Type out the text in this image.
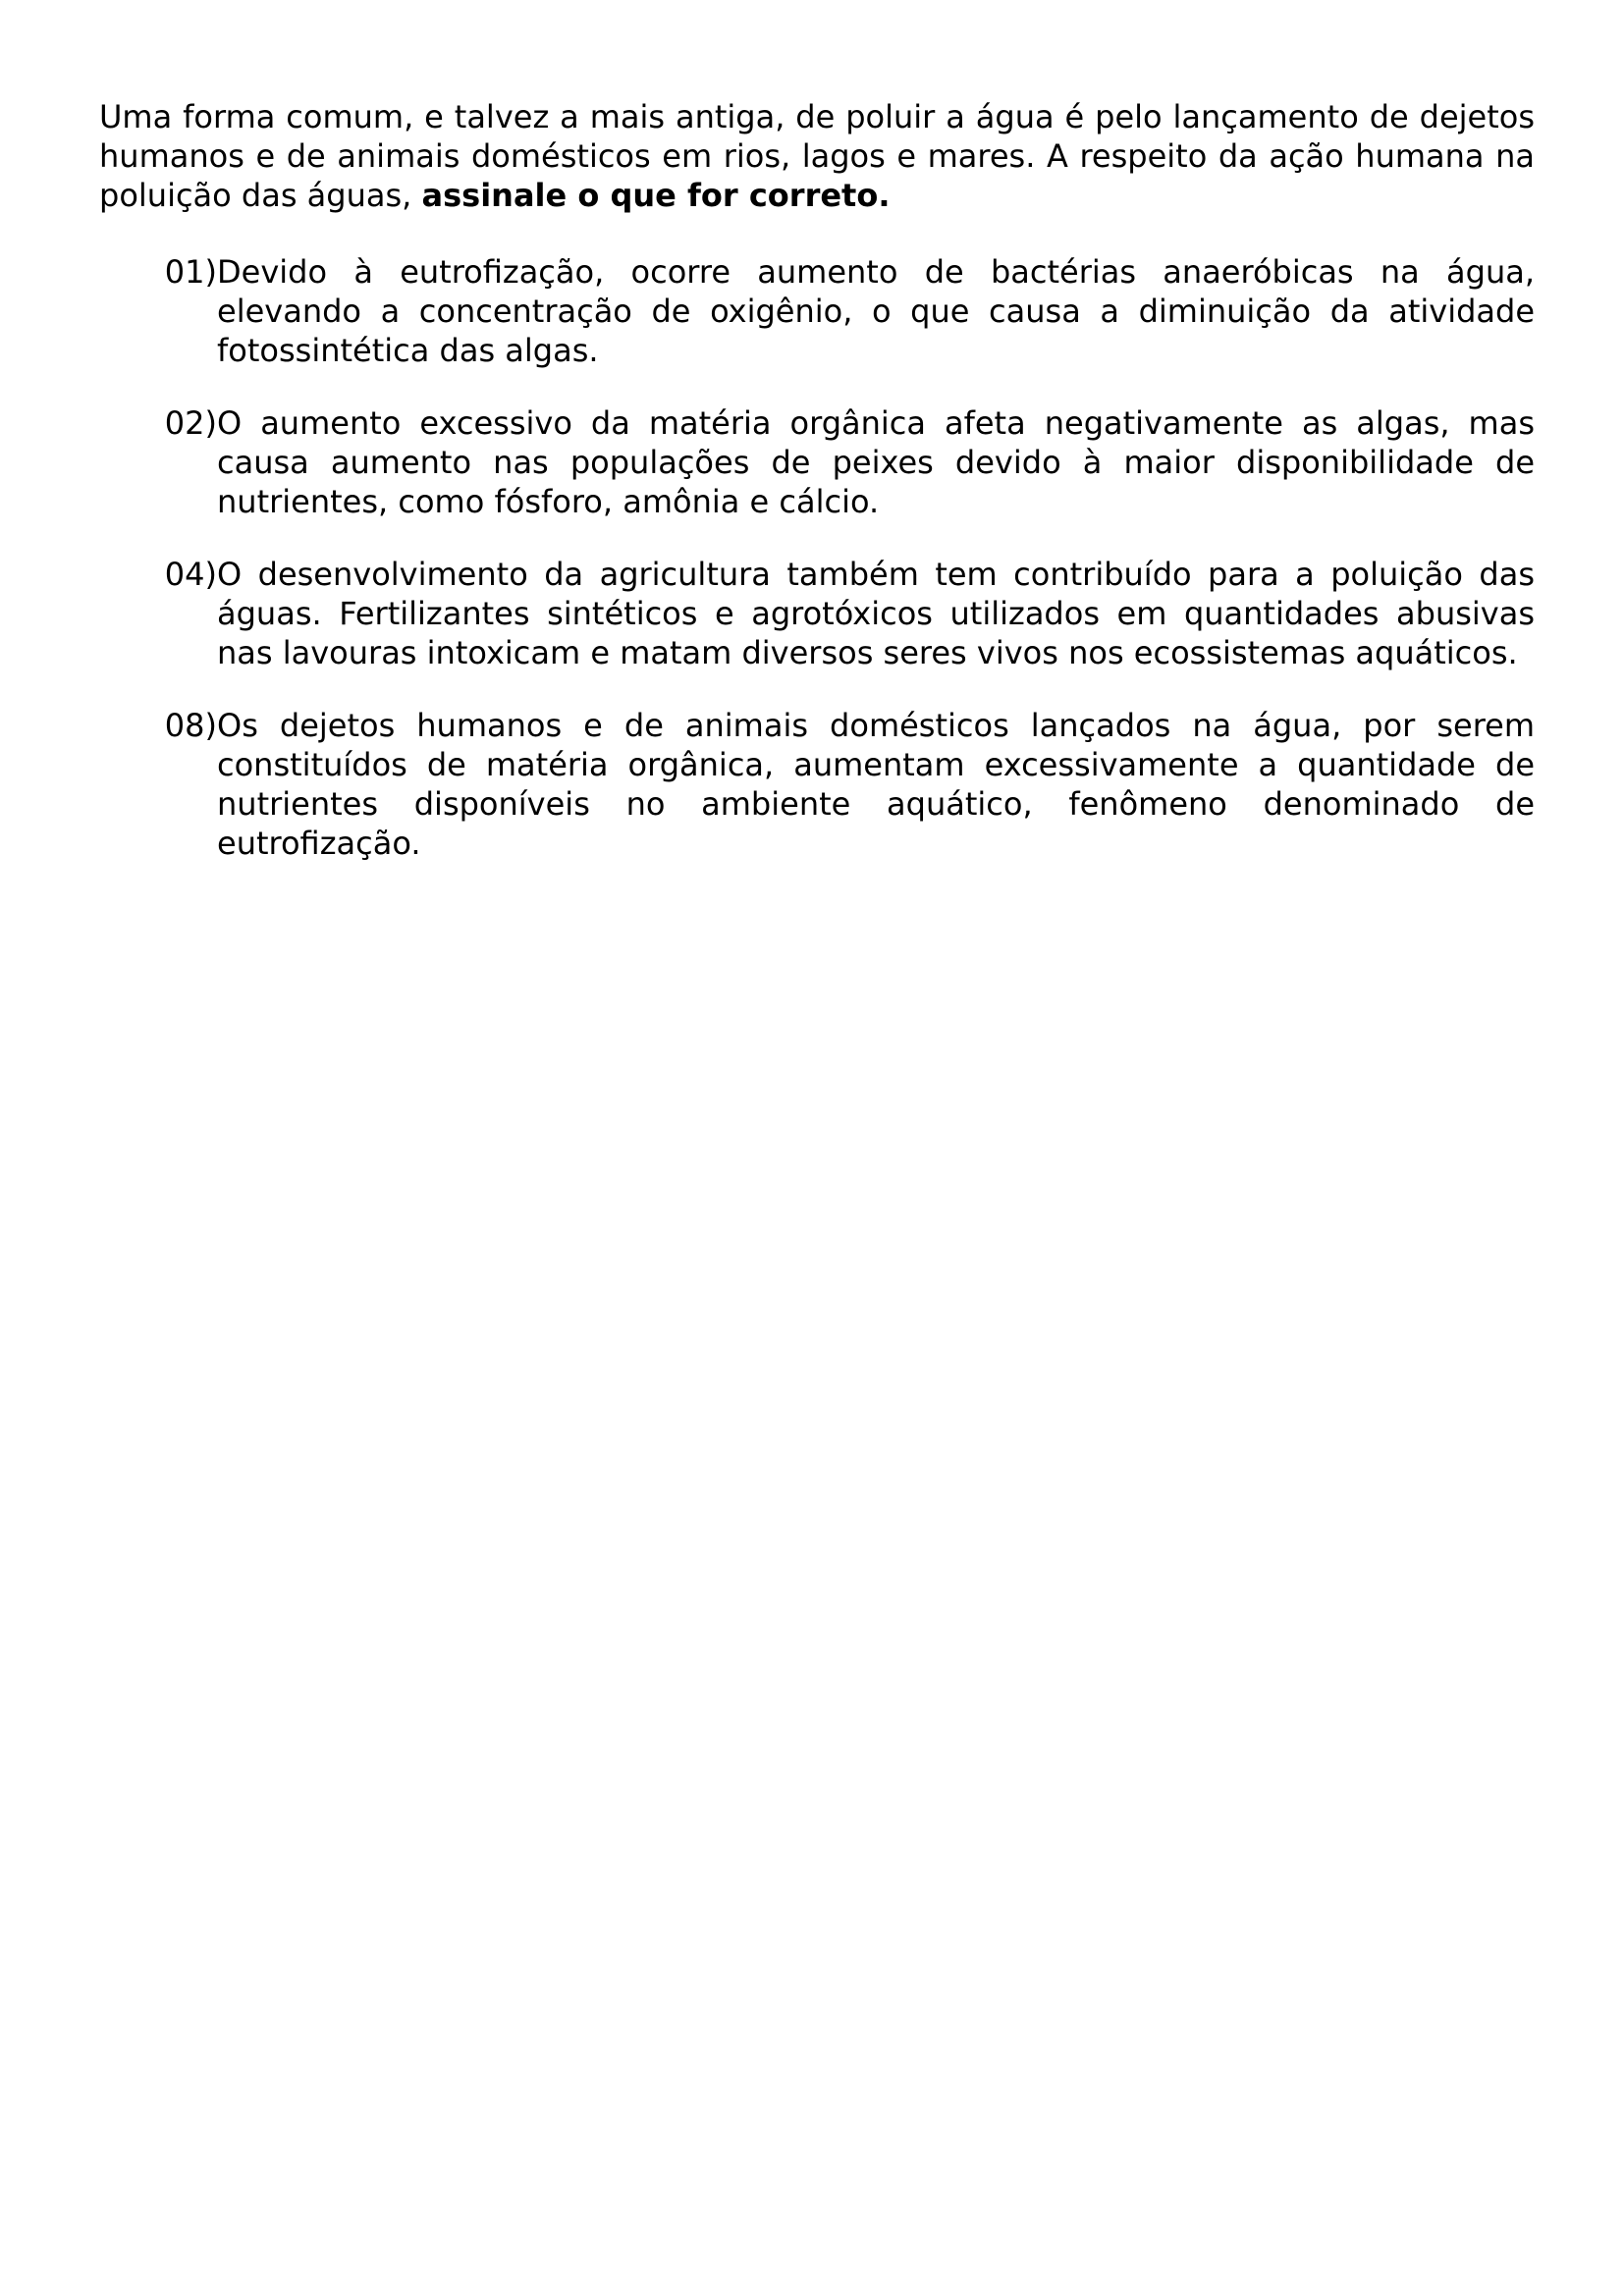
Uma forma comum, e talvez a mais antiga, de poluir a água é pelo lançamento de dejetos humanos e de animais domésticos em rios, lagos e mares. A respeito da ação humana na poluição das águas, assinale o que for correto.

01) Devido à eutrofização, ocorre aumento de bactérias anaeróbicas na água, elevando a concentração de oxigênio, o que causa a diminuição da atividade fotossintética das algas.
02) O aumento excessivo da matéria orgânica afeta negativamente as algas, mas causa aumento nas populações de peixes devido à maior disponibilidade de nutrientes, como fósforo, amônia e cálcio.
04) O desenvolvimento da agricultura também tem contribuído para a poluição das águas. Fertilizantes sintéticos e agrotóxicos utilizados em quantidades abusivas nas lavouras intoxicam e matam diversos seres vivos nos ecossistemas aquáticos.
08) Os dejetos humanos e de animais domésticos lançados na água, por serem constituídos de matéria orgânica, aumentam excessivamente a quantidade de nutrientes disponíveis no ambiente aquático, fenômeno denominado de eutrofização.
